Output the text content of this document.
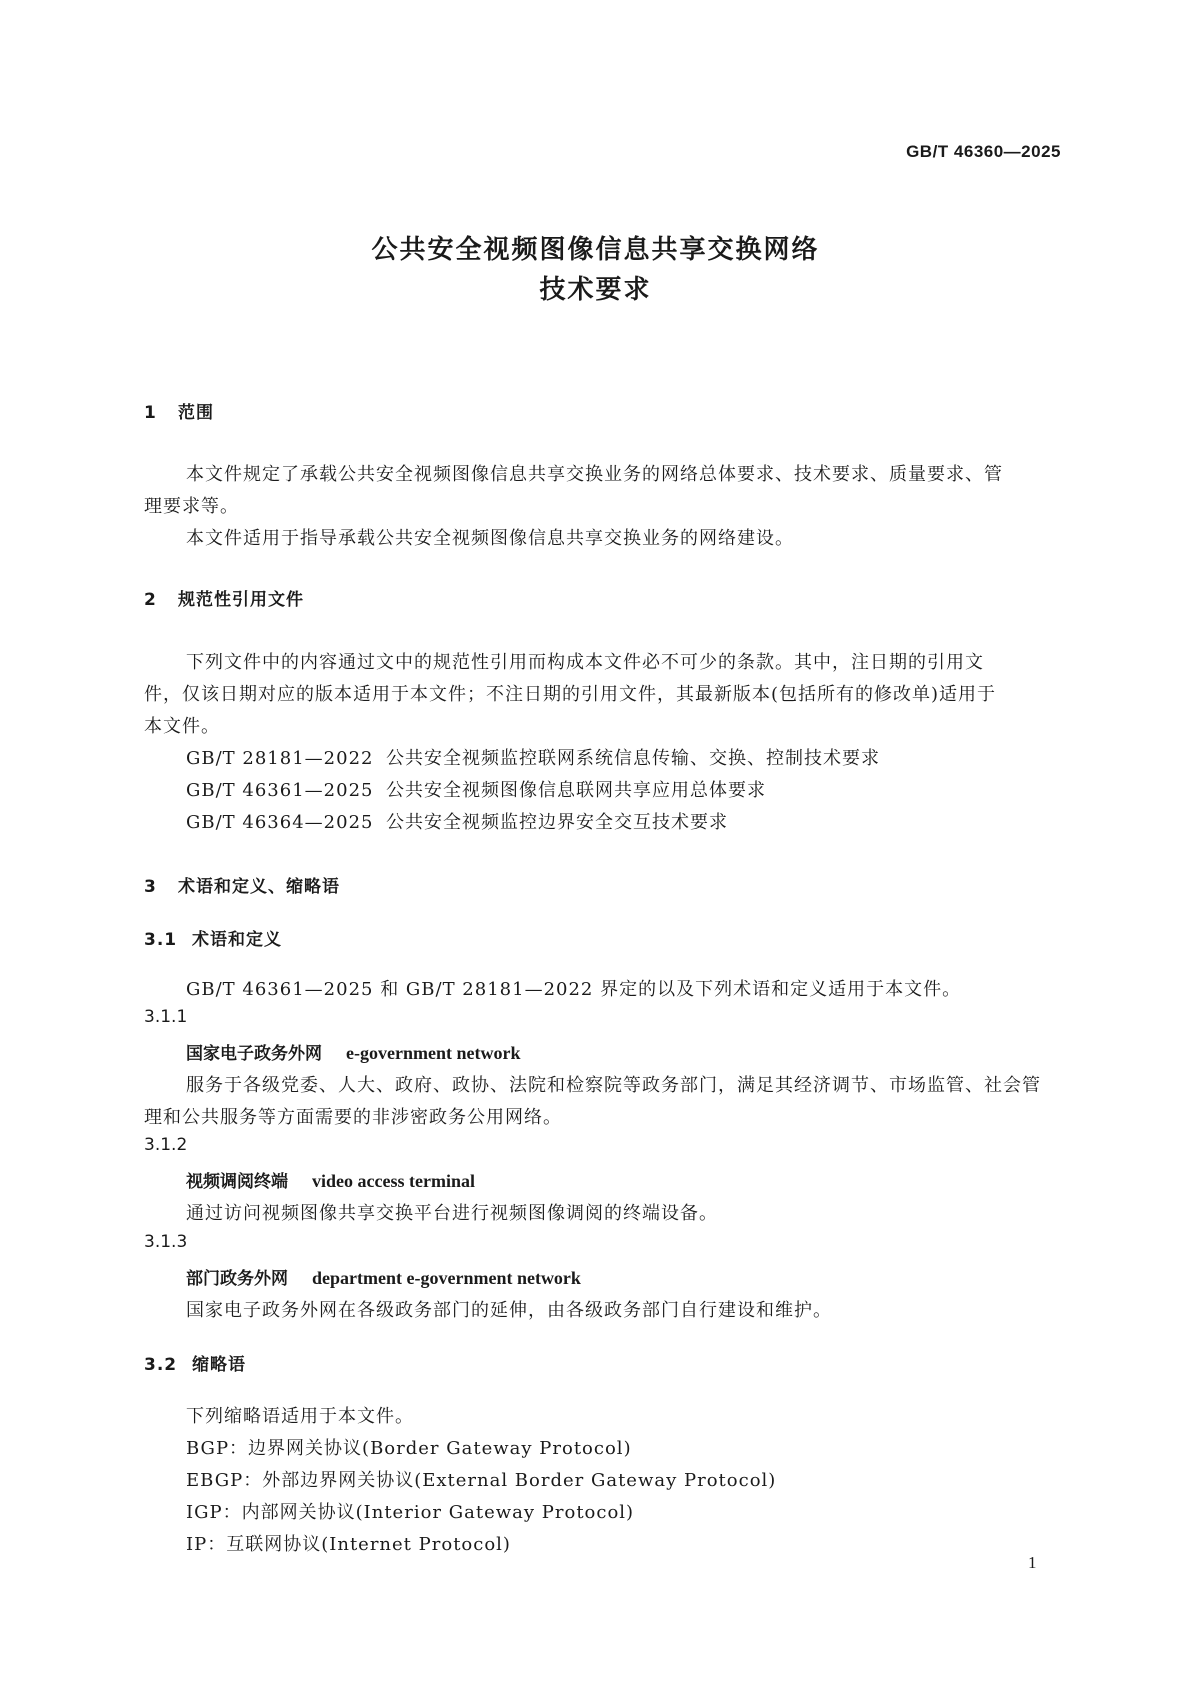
GB/T 46360—2025
公共安全视频图像信息共享交换网络
技术要求
1 范围
本文件规定了承载公共安全视频图像信息共享交换业务的网络总体要求、技术要求、质量要求、管
理要求等。
本文件适用于指导承载公共安全视频图像信息共享交换业务的网络建设。
2 规范性引用文件
下列文件中的内容通过文中的规范性引用而构成本文件必不可少的条款。其中，注日期的引用文
件，仅该日期对应的版本适用于本文件；不注日期的引用文件，其最新版本(包括所有的修改单)适用于
本文件。
GB/T 28181—2022 公共安全视频监控联网系统信息传输、交换、控制技术要求
GB/T 46361—2025 公共安全视频图像信息联网共享应用总体要求
GB/T 46364—2025 公共安全视频监控边界安全交互技术要求
3 术语和定义、缩略语
3.1 术语和定义
GB/T 46361—2025 和 GB/T 28181—2022 界定的以及下列术语和定义适用于本文件。
3.1.1
国家电子政务外网 e-government network
服务于各级党委、人大、政府、政协、法院和检察院等政务部门，满足其经济调节、市场监管、社会管
理和公共服务等方面需要的非涉密政务公用网络。
3.1.2
视频调阅终端 video access terminal
通过访问视频图像共享交换平台进行视频图像调阅的终端设备。
3.1.3
部门政务外网 department e-government network
国家电子政务外网在各级政务部门的延伸，由各级政务部门自行建设和维护。
3.2 缩略语
下列缩略语适用于本文件。
BGP：边界网关协议(Border Gateway Protocol)
EBGP：外部边界网关协议(External Border Gateway Protocol)
IGP：内部网关协议(Interior Gateway Protocol)
IP：互联网协议(Internet Protocol)
1
